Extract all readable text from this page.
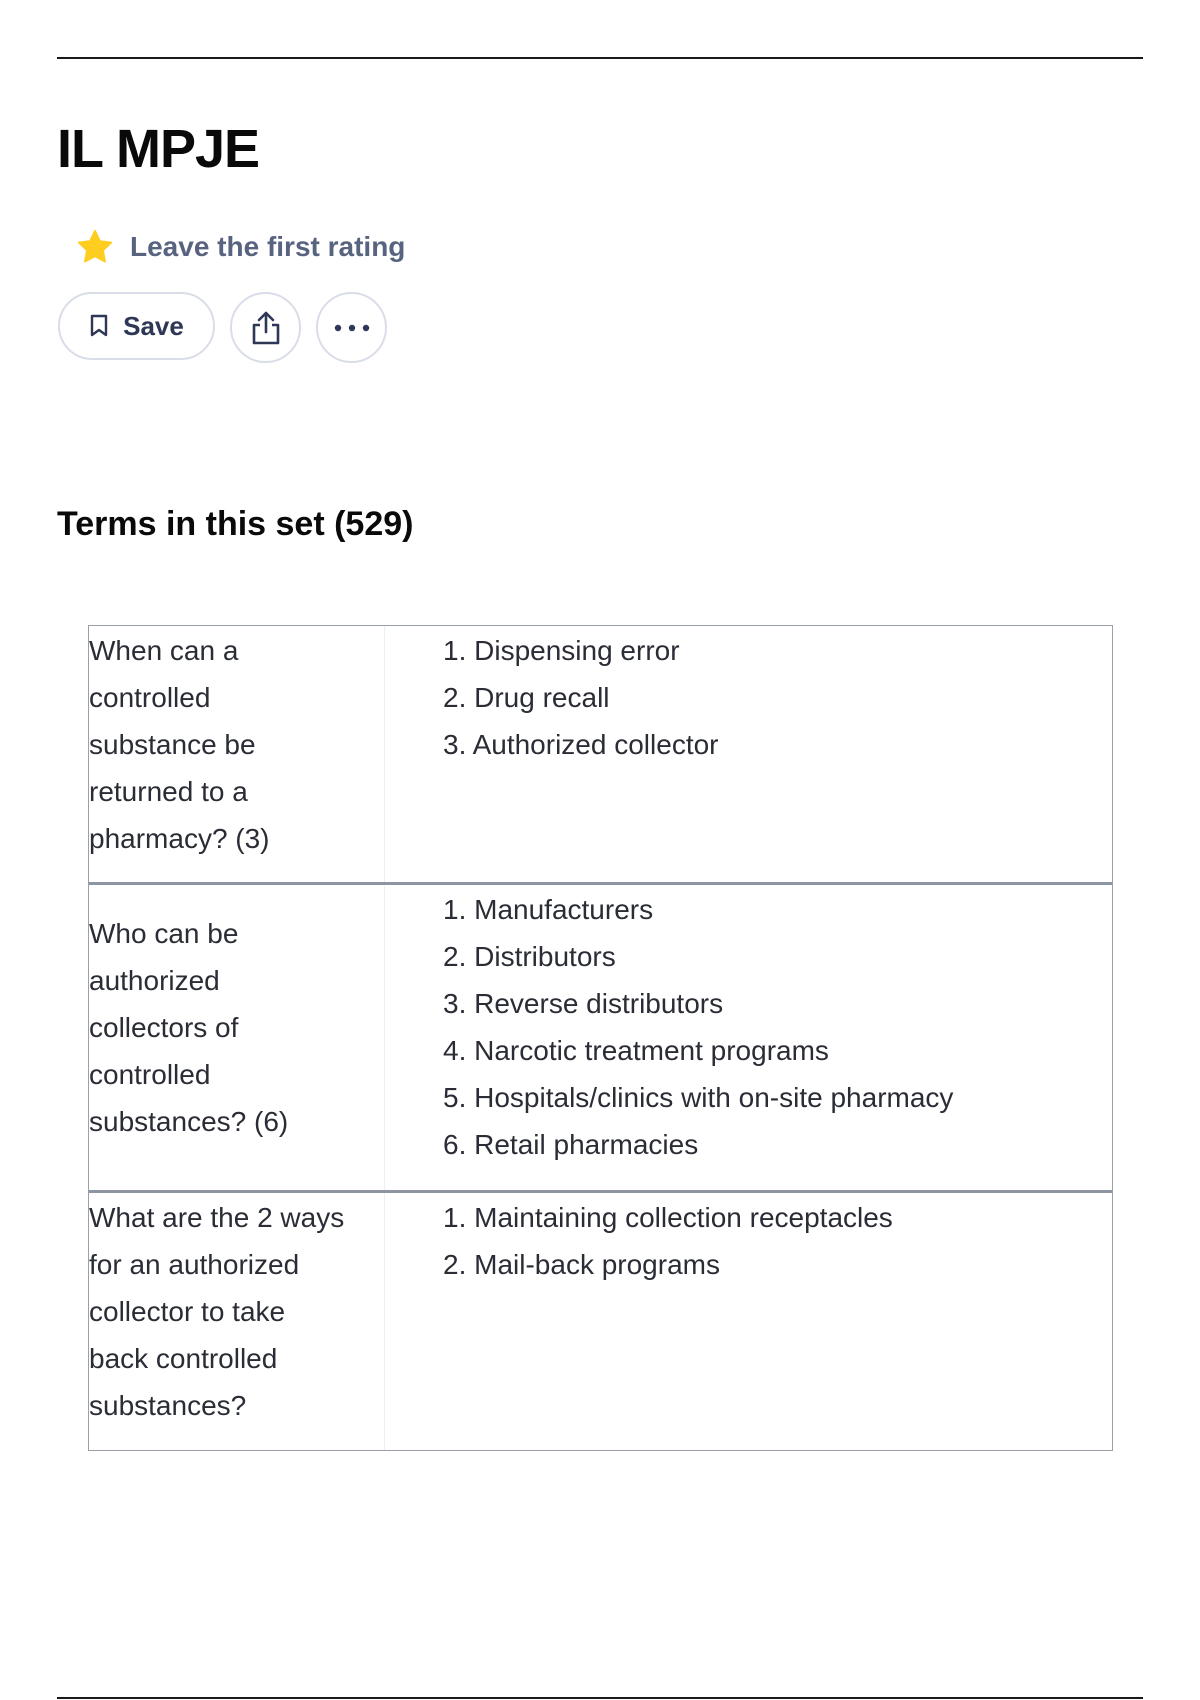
IL MPJE
Leave the first rating
Save
Terms in this set (529)
When can a
controlled
substance be
returned to a
pharmacy? (3)
1. Dispensing error
2. Drug recall
3. Authorized collector
Who can be
authorized
collectors of
controlled
substances? (6)
1. Manufacturers
2. Distributors
3. Reverse distributors
4. Narcotic treatment programs
5. Hospitals/clinics with on-site pharmacy
6. Retail pharmacies
What are the 2 ways
for an authorized
collector to take
back controlled
substances?
1. Maintaining collection receptacles
2. Mail-back programs
